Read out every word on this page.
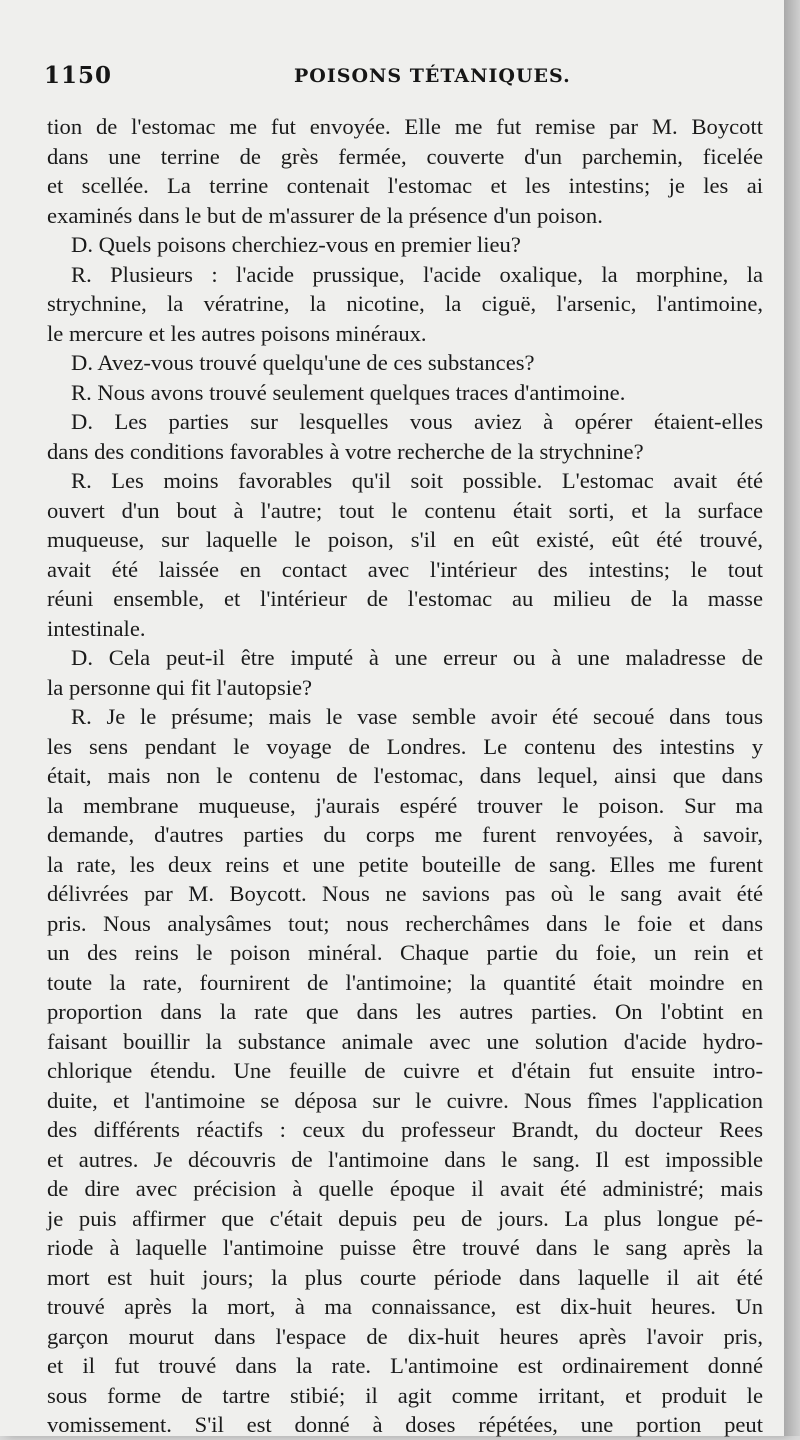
1150	POISONS TÉTANIQUES.
tion de l'estomac me fut envoyée. Elle me fut remise par M. Boycott
dans une terrine de grès fermée, couverte d'un parchemin, ficelée
et scellée. La terrine contenait l'estomac et les intestins; je les ai
examinés dans le but de m'assurer de la présence d'un poison.
D. Quels poisons cherchiez-vous en premier lieu?
R. Plusieurs : l'acide prussique, l'acide oxalique, la morphine, la
strychnine, la vératrine, la nicotine, la ciguë, l'arsenic, l'antimoine,
le mercure et les autres poisons minéraux.
D. Avez-vous trouvé quelqu'une de ces substances?
R. Nous avons trouvé seulement quelques traces d'antimoine.
D. Les parties sur lesquelles vous aviez à opérer étaient-elles
dans des conditions favorables à votre recherche de la strychnine?
R. Les moins favorables qu'il soit possible. L'estomac avait été
ouvert d'un bout à l'autre; tout le contenu était sorti, et la surface
muqueuse, sur laquelle le poison, s'il en eût existé, eût été trouvé,
avait été laissée en contact avec l'intérieur des intestins; le tout
réuni ensemble, et l'intérieur de l'estomac au milieu de la masse
intestinale.
D. Cela peut-il être imputé à une erreur ou à une maladresse de
la personne qui fit l'autopsie?
R. Je le présume; mais le vase semble avoir été secoué dans tous
les sens pendant le voyage de Londres. Le contenu des intestins y
était, mais non le contenu de l'estomac, dans lequel, ainsi que dans
la membrane muqueuse, j'aurais espéré trouver le poison. Sur ma
demande, d'autres parties du corps me furent renvoyées, à savoir,
la rate, les deux reins et une petite bouteille de sang. Elles me furent
délivrées par M. Boycott. Nous ne savions pas où le sang avait été
pris. Nous analysâmes tout; nous recherchâmes dans le foie et dans
un des reins le poison minéral. Chaque partie du foie, un rein et
toute la rate, fournirent de l'antimoine; la quantité était moindre en
proportion dans la rate que dans les autres parties. On l'obtint en
faisant bouillir la substance animale avec une solution d'acide hydro-
chlorique étendu. Une feuille de cuivre et d'étain fut ensuite intro-
duite, et l'antimoine se déposa sur le cuivre. Nous fîmes l'application
des différents réactifs : ceux du professeur Brandt, du docteur Rees
et autres. Je découvris de l'antimoine dans le sang. Il est impossible
de dire avec précision à quelle époque il avait été administré; mais
je puis affirmer que c'était depuis peu de jours. La plus longue pé-
riode à laquelle l'antimoine puisse être trouvé dans le sang après la
mort est huit jours; la plus courte période dans laquelle il ait été
trouvé après la mort, à ma connaissance, est dix-huit heures. Un
garçon mourut dans l'espace de dix-huit heures après l'avoir pris,
et il fut trouvé dans la rate. L'antimoine est ordinairement donné
sous forme de tartre stibié; il agit comme irritant, et produit le
vomissement. S'il est donné à doses répétées, une portion peut
